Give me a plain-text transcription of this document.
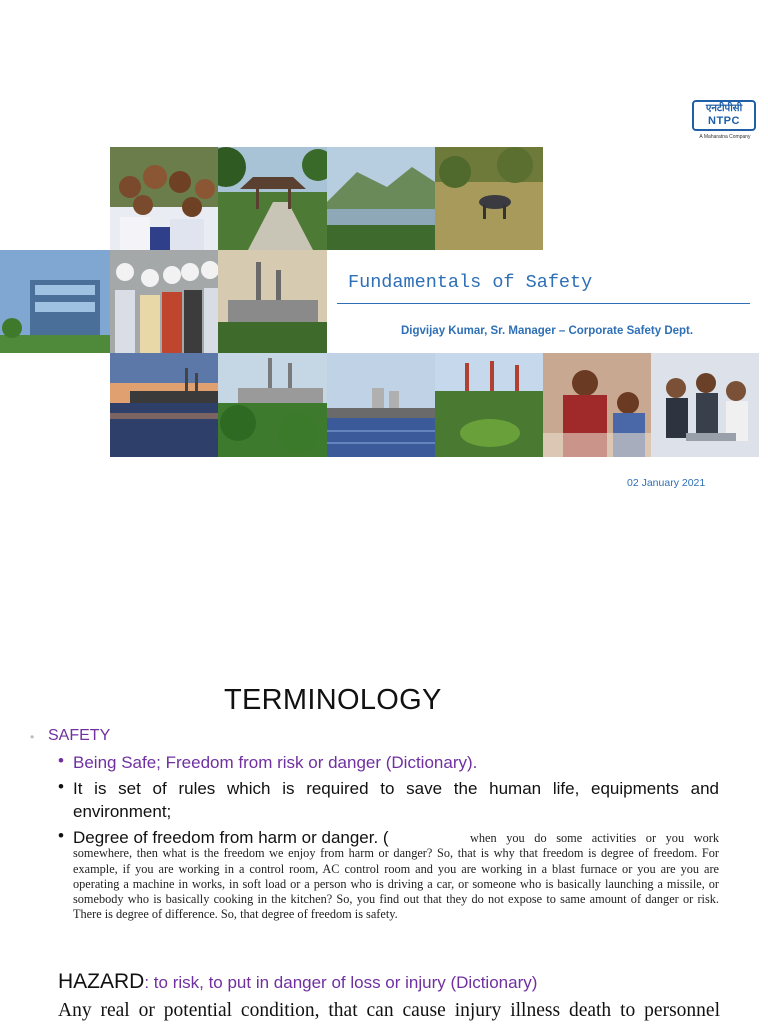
एनटीपीसी
NTPC
A Maharatna Company
Fundamentals of Safety
Digvijay Kumar, Sr. Manager – Corporate Safety Dept.
02 January 2021
TERMINOLOGY
• SAFETY
• Being Safe; Freedom from risk or danger (Dictionary).
• It is set of rules which is required to save the human life, equipments and environment;
• Degree of freedom from harm or danger. (	when you do some activities or you work somewhere, then what is the freedom we enjoy from harm or danger? So, that is why that freedom is degree of freedom. For example, if you are working in a control room, AC control room and you are working in a blast furnace or you are you are operating a machine in works, in soft load or a person who is driving a car, or someone who is basically launching a missile, or somebody who is basically cooking in the kitchen? So, you find out that they do not expose to same amount of danger or risk. There is degree of difference. So, that degree of freedom is safety.
HAZARD: to risk, to put in danger of loss or injury (Dictionary)
Any real or potential condition, that can cause injury illness death to personnel
